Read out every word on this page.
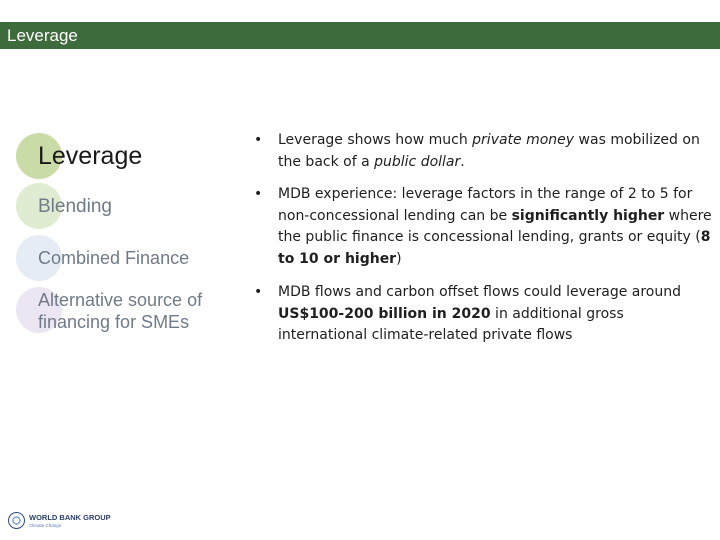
Leverage
Leverage
Blending
Combined Finance
Alternative source of financing for SMEs
• Leverage shows how much private money was mobilized on the back of a public dollar.
• MDB experience: leverage factors in the range of 2 to 5 for non-concessional lending can be significantly higher where the public finance is concessional lending, grants or equity (8 to 10 or higher)
• MDB flows and carbon offset flows could leverage around US$100-200 billion in 2020 in additional gross international climate-related private flows
WORLD BANK GROUP
Climate Change
